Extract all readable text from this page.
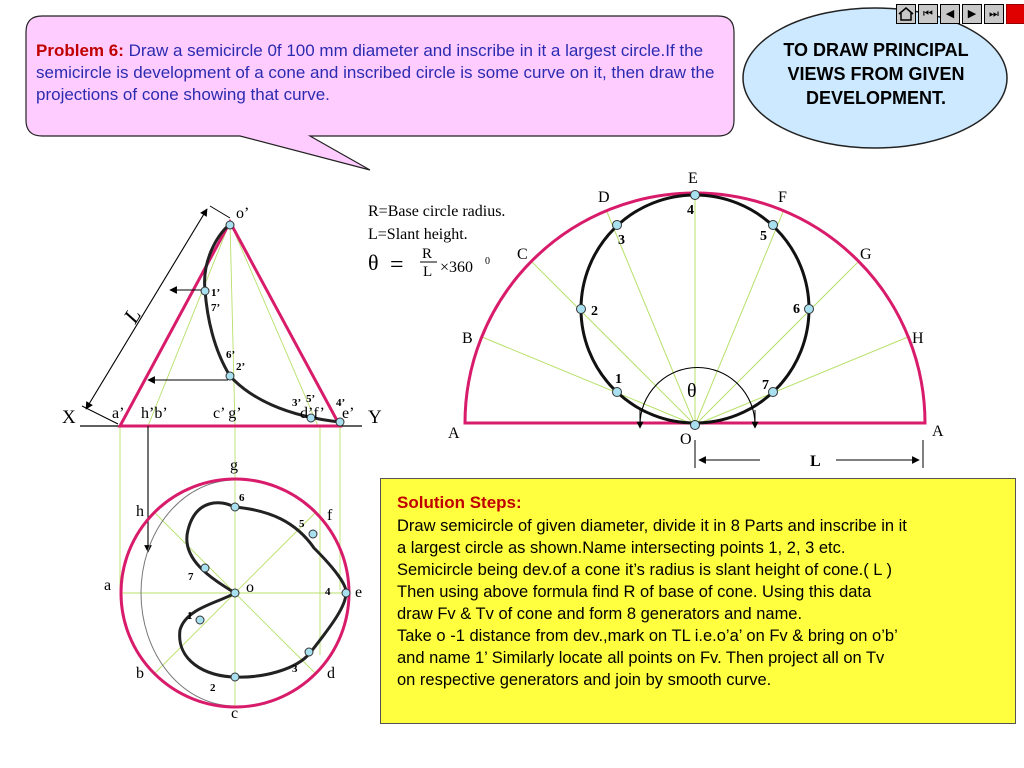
o’
X	Y
a’ h’b’	c’ g’	d’f’ e’
L
1’
7’
6’
2’
3’ 5’ 4’
g
h
a
b
c
d
e
f
o
6
5
7
4
1
3
2
R=Base circle radius.
L=Slant height.
θ = R
L ×360 0
L
A
B
C
D
E
F
G
H
A
O
θ
1
2
3
4
5
6
7
Problem 6: Draw a semicircle 0f 100 mm diameter and inscribe in it a largest circle.If the semicircle is development of a cone and inscribed circle is some curve on it, then draw the projections of cone showing that curve.
TO DRAW PRINCIPAL VIEWS FROM GIVEN DEVELOPMENT.
⏮	◀	▶	⏭
Solution Steps:
Draw semicircle of given diameter, divide it in 8 Parts and inscribe in it
a largest circle as shown.Name intersecting points 1, 2, 3 etc.
Semicircle being dev.of a cone it’s radius is slant height of cone.( L )
Then using above formula find R of base of cone. Using this data
draw Fv & Tv of cone and form 8 generators and name.
Take o -1 distance from dev.,mark on TL i.e.o’a’ on Fv & bring on o’b’
and name 1’ Similarly locate all points on Fv. Then project all on Tv
on respective generators and join by smooth curve.
